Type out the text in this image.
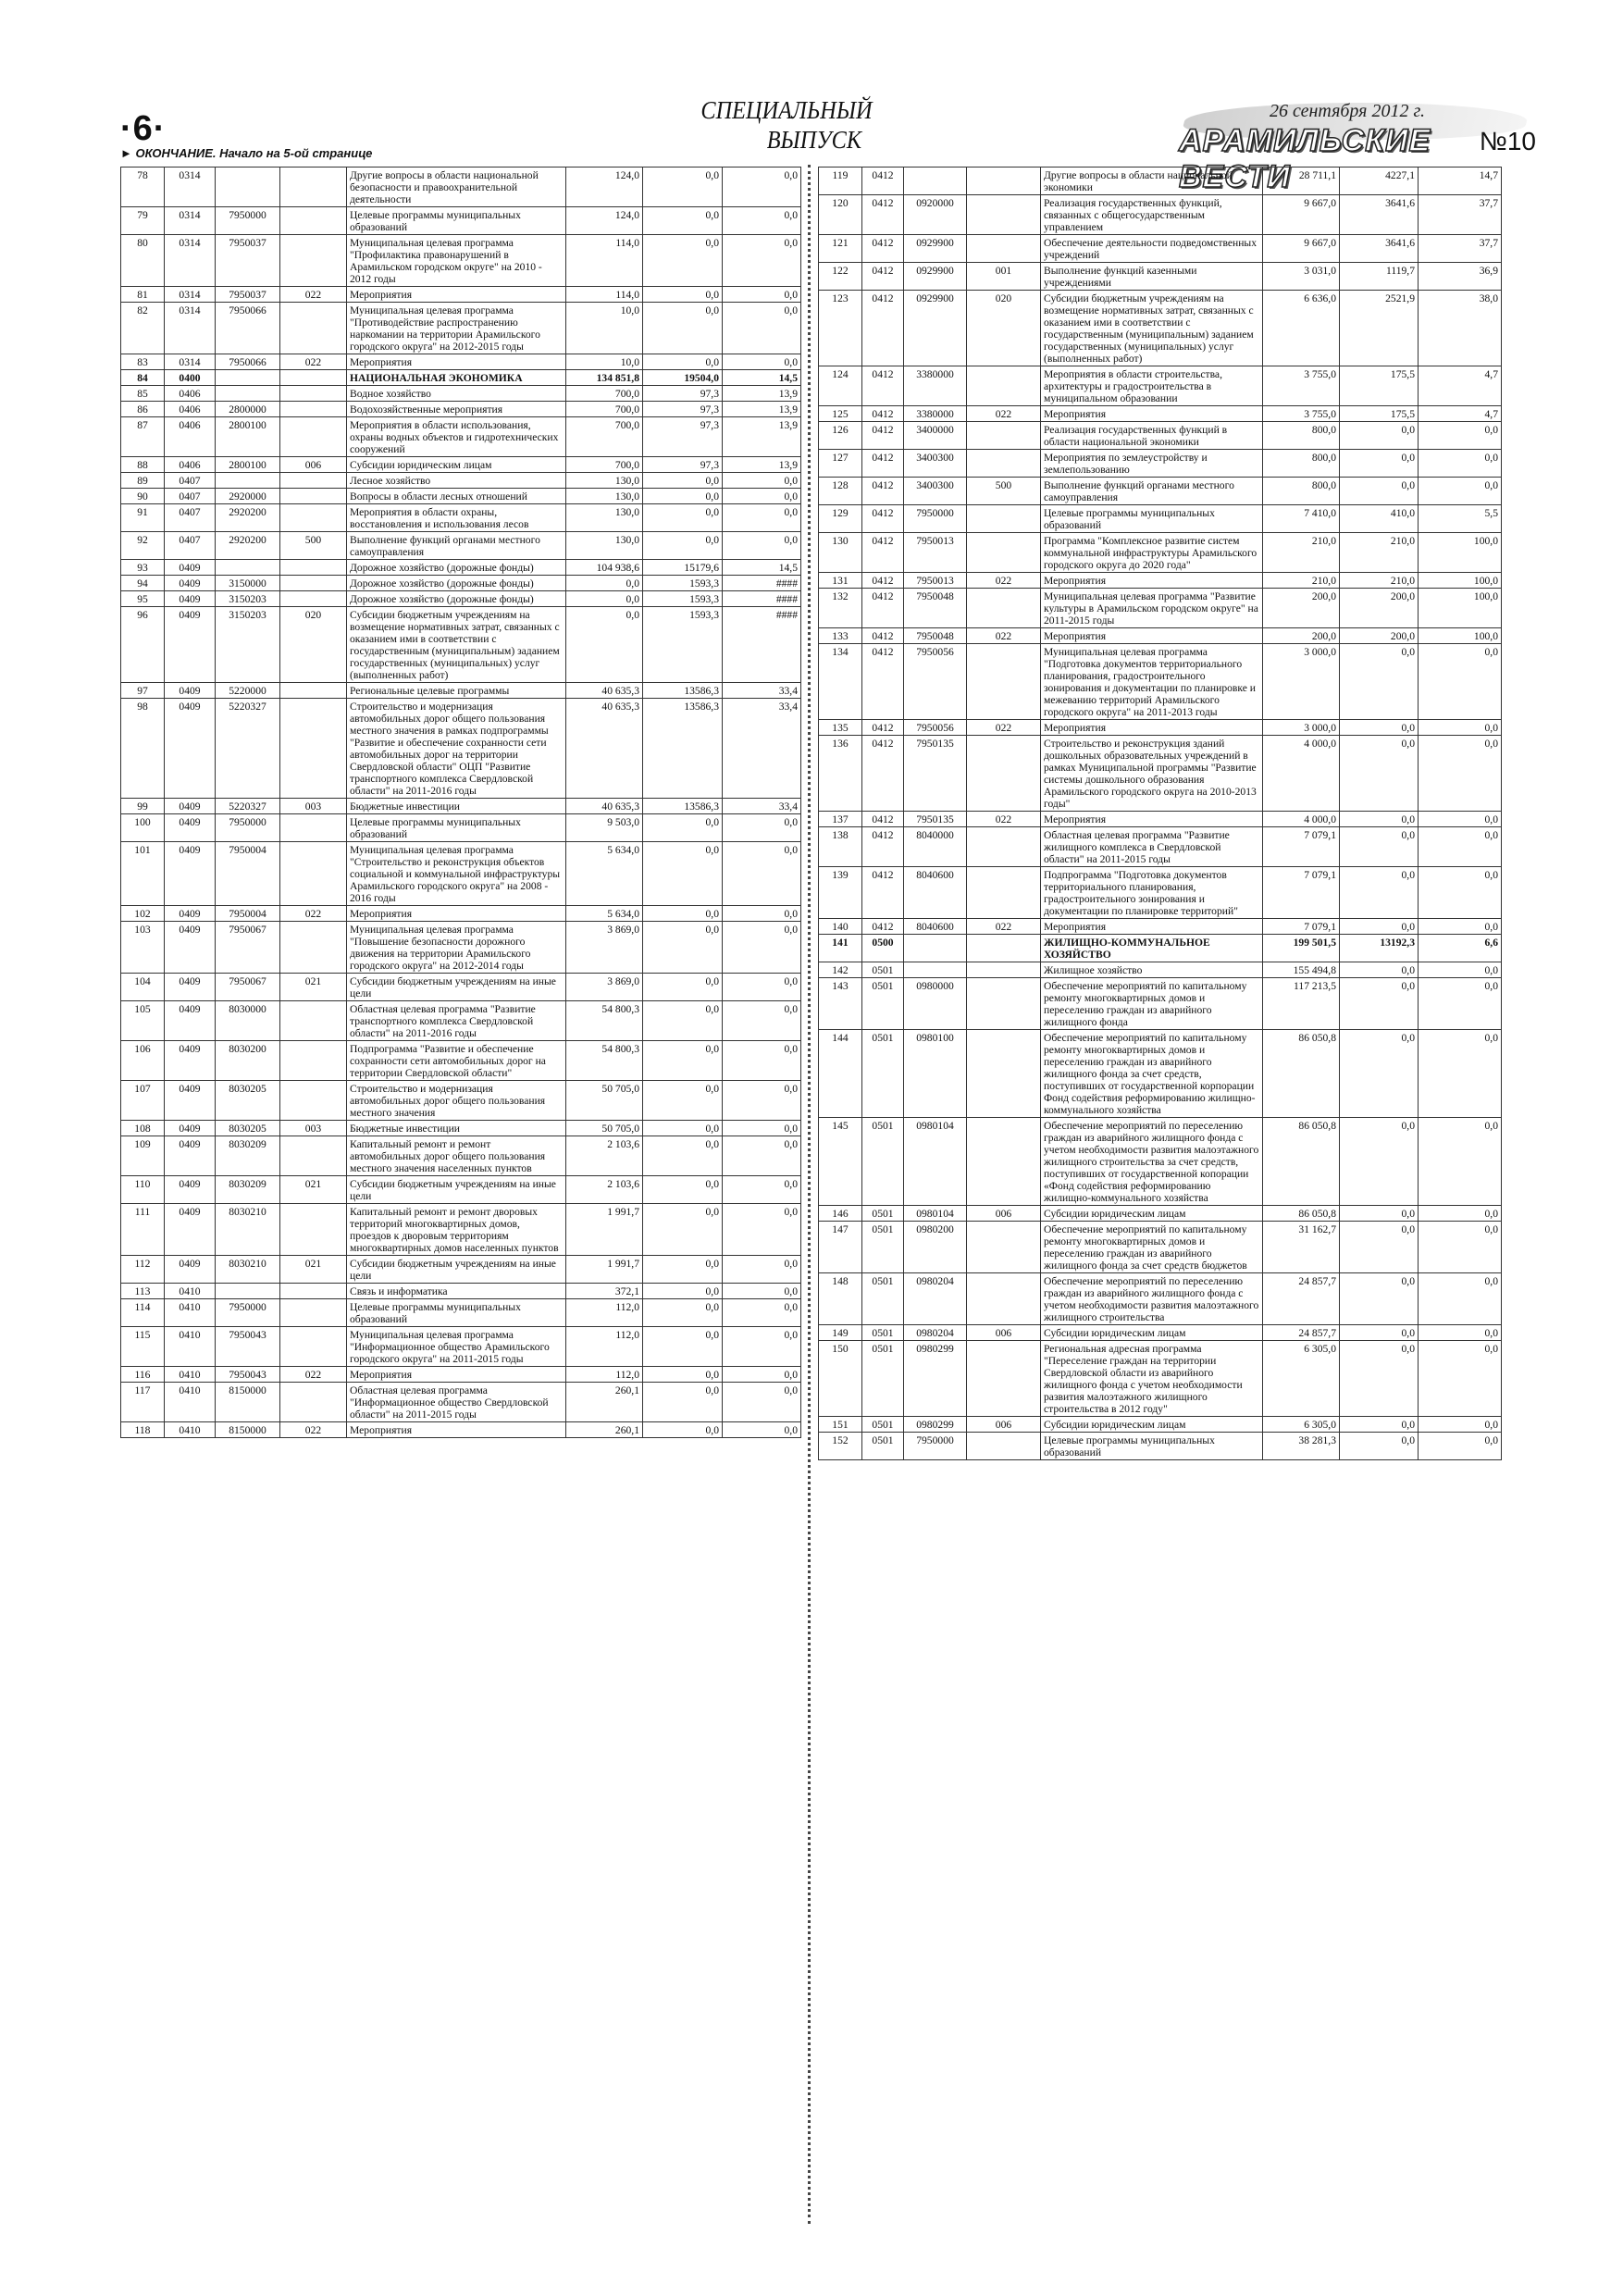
·6·
► ОКОНЧАНИЕ. Начало на 5-ой странице
СПЕЦИАЛЬНЫЙ
ВЫПУСК
26 сентября 2012 г.
АРАМИЛЬСКИЕ ВЕСТИ
№10
78	0314			Другие вопросы в области национальной безопасности и правоохранительной деятельности	124,0	0,0	0,0
79	0314	7950000		Целевые программы муниципальных образований	124,0	0,0	0,0
80	0314	7950037		Муниципальная целевая программа "Профилактика правонарушений в Арамильском городском округе" на 2010 - 2012 годы	114,0	0,0	0,0
81	0314	7950037	022	Мероприятия	114,0	0,0	0,0
82	0314	7950066		Муниципальная целевая программа "Противодействие распространению наркомании на территории Арамильского городского округа" на 2012-2015 годы	10,0	0,0	0,0
83	0314	7950066	022	Мероприятия	10,0	0,0	0,0
84	0400			НАЦИОНАЛЬНАЯ ЭКОНОМИКА	134 851,8	19504,0	14,5
85	0406			Водное хозяйство	700,0	97,3	13,9
86	0406	2800000		Водохозяйственные мероприятия	700,0	97,3	13,9
87	0406	2800100		Мероприятия в области использования, охраны водных объектов и гидротехнических сооружений	700,0	97,3	13,9
88	0406	2800100	006	Субсидии юридическим лицам	700,0	97,3	13,9
89	0407			Лесное хозяйство	130,0	0,0	0,0
90	0407	2920000		Вопросы в области лесных отношений	130,0	0,0	0,0
91	0407	2920200		Мероприятия в области охраны, восстановления и использования лесов	130,0	0,0	0,0
92	0407	2920200	500	Выполнение функций органами местного самоуправления	130,0	0,0	0,0
93	0409			Дорожное хозяйство (дорожные фонды)	104 938,6	15179,6	14,5
94	0409	3150000		Дорожное хозяйство (дорожные фонды)	0,0	1593,3	####
95	0409	3150203		Дорожное хозяйство (дорожные фонды)	0,0	1593,3	####
96	0409	3150203	020	Субсидии бюджетным учреждениям на возмещение нормативных затрат, связанных с оказанием ими в соответствии с государственным (муниципальным) заданием государственных (муниципальных) услуг (выполненных работ)	0,0	1593,3	####
97	0409	5220000		Региональные целевые программы	40 635,3	13586,3	33,4
98	0409	5220327		Строительство и модернизация автомобильных дорог общего пользования местного значения в рамках подпрограммы "Развитие и обеспечение сохранности сети автомобильных дорог на территории Свердловской области" ОЦП "Развитие транспортного комплекса Свердловской области" на 2011-2016 годы	40 635,3	13586,3	33,4
99	0409	5220327	003	Бюджетные инвестиции	40 635,3	13586,3	33,4
100	0409	7950000		Целевые программы муниципальных образований	9 503,0	0,0	0,0
101	0409	7950004		Муниципальная целевая программа "Строительство и реконструкция объектов социальной и коммунальной инфраструктуры Арамильского городского округа" на 2008 - 2016 годы	5 634,0	0,0	0,0
102	0409	7950004	022	Мероприятия	5 634,0	0,0	0,0
103	0409	7950067		Муниципальная целевая программа "Повышение безопасности дорожного движения на территории Арамильского городского округа" на 2012-2014 годы	3 869,0	0,0	0,0
104	0409	7950067	021	Субсидии бюджетным учреждениям на иные цели	3 869,0	0,0	0,0
105	0409	8030000		Областная целевая программа "Развитие транспортного комплекса Свердловской области" на 2011-2016 годы	54 800,3	0,0	0,0
106	0409	8030200		Подпрограмма "Развитие и обеспечение сохранности сети автомобильных дорог на территории Свердловской области"	54 800,3	0,0	0,0
107	0409	8030205		Строительство и модернизация автомобильных дорог общего пользования местного значения	50 705,0	0,0	0,0
108	0409	8030205	003	Бюджетные инвестиции	50 705,0	0,0	0,0
109	0409	8030209		Капитальный ремонт и ремонт автомобильных дорог общего пользования местного значения населенных пунктов	2 103,6	0,0	0,0
110	0409	8030209	021	Субсидии бюджетным учреждениям на иные цели	2 103,6	0,0	0,0
111	0409	8030210		Капитальный ремонт и ремонт дворовых территорий многоквартирных домов, проездов к дворовым территориям многоквартирных домов населенных пунктов	1 991,7	0,0	0,0
112	0409	8030210	021	Субсидии бюджетным учреждениям на иные цели	1 991,7	0,0	0,0
113	0410			Связь и информатика	372,1	0,0	0,0
114	0410	7950000		Целевые программы муниципальных образований	112,0	0,0	0,0
115	0410	7950043		Муниципальная целевая программа "Информационное общество Арамильского городского округа" на 2011-2015 годы	112,0	0,0	0,0
116	0410	7950043	022	Мероприятия	112,0	0,0	0,0
117	0410	8150000		Областная целевая программа "Информационное общество Свердловской области" на 2011-2015 годы	260,1	0,0	0,0
118	0410	8150000	022	Мероприятия	260,1	0,0	0,0
119	0412			Другие вопросы в области национальной экономики	28 711,1	4227,1	14,7
120	0412	0920000		Реализация государственных функций, связанных с общегосударственным управлением	9 667,0	3641,6	37,7
121	0412	0929900		Обеспечение деятельности подведомственных учреждений	9 667,0	3641,6	37,7
122	0412	0929900	001	Выполнение функций казенными учреждениями	3 031,0	1119,7	36,9
123	0412	0929900	020	Субсидии бюджетным учреждениям на возмещение нормативных затрат, связанных с оказанием ими в соответствии с государственным (муниципальным) заданием государственных (муниципальных) услуг (выполненных работ)	6 636,0	2521,9	38,0
124	0412	3380000		Мероприятия в области строительства, архитектуры и градостроительства в муниципальном образовании	3 755,0	175,5	4,7
125	0412	3380000	022	Мероприятия	3 755,0	175,5	4,7
126	0412	3400000		Реализация государственных функций в области национальной экономики	800,0	0,0	0,0
127	0412	3400300		Мероприятия по землеустройству и землепользованию	800,0	0,0	0,0
128	0412	3400300	500	Выполнение функций органами местного самоуправления	800,0	0,0	0,0
129	0412	7950000		Целевые программы муниципальных образований	7 410,0	410,0	5,5
130	0412	7950013		Программа "Комплексное развитие систем коммунальной инфраструктуры Арамильского городского округа до 2020 года"	210,0	210,0	100,0
131	0412	7950013	022	Мероприятия	210,0	210,0	100,0
132	0412	7950048		Муниципальная целевая программа "Развитие культуры в Арамильском городском округе" на 2011-2015 годы	200,0	200,0	100,0
133	0412	7950048	022	Мероприятия	200,0	200,0	100,0
134	0412	7950056		Муниципальная целевая программа "Подготовка документов территориального планирования, градостроительного зонирования и документации по планировке и межеванию территорий Арамильского городского округа" на 2011-2013 годы	3 000,0	0,0	0,0
135	0412	7950056	022	Мероприятия	3 000,0	0,0	0,0
136	0412	7950135		Строительство и реконструкция зданий дошкольных образовательных учреждений в рамках Муниципальной программы "Развитие системы дошкольного образования Арамильского городского округа на 2010-2013 годы"	4 000,0	0,0	0,0
137	0412	7950135	022	Мероприятия	4 000,0	0,0	0,0
138	0412	8040000		Областная целевая программа "Развитие жилищного комплекса в Свердловской области" на 2011-2015 годы	7 079,1	0,0	0,0
139	0412	8040600		Подпрограмма "Подготовка документов территориального планирования, градостроительного зонирования и документации по планировке территорий"	7 079,1	0,0	0,0
140	0412	8040600	022	Мероприятия	7 079,1	0,0	0,0
141	0500			ЖИЛИЩНО-КОММУНАЛЬНОЕ ХОЗЯЙСТВО	199 501,5	13192,3	6,6
142	0501			Жилищное хозяйство	155 494,8	0,0	0,0
143	0501	0980000		Обеспечение мероприятий по капитальному ремонту многоквартирных домов и переселению граждан из аварийного жилищного фонда	117 213,5	0,0	0,0
144	0501	0980100		Обеспечение мероприятий по капитальному ремонту многоквартирных домов и переселению граждан из аварийного жилищного фонда за счет средств, поступивших от государственной корпорации Фонд содействия реформированию жилищно-коммунального хозяйства	86 050,8	0,0	0,0
145	0501	0980104		Обеспечение мероприятий по переселению граждан из аварийного жилищного фонда с учетом необходимости развития малоэтажного жилищного строительства за счет средств, поступивших от государственной копорации «Фонд содействия реформированию жилищно-коммунального хозяйства	86 050,8	0,0	0,0
146	0501	0980104	006	Субсидии юридическим лицам	86 050,8	0,0	0,0
147	0501	0980200		Обеспечение мероприятий по капитальному ремонту многоквартирных домов и переселению граждан из аварийного жилищного фонда за счет средств бюджетов	31 162,7	0,0	0,0
148	0501	0980204		Обеспечение мероприятий по переселению граждан из аварийного жилищного фонда с учетом необходимости развития малоэтажного жилищного строительства	24 857,7	0,0	0,0
149	0501	0980204	006	Субсидии юридическим лицам	24 857,7	0,0	0,0
150	0501	0980299		Региональная адресная программа "Переселение граждан на территории Свердловской области из аварийного жилищного фонда с учетом необходимости развития малоэтажного жилищного строительства в 2012 году"	6 305,0	0,0	0,0
151	0501	0980299	006	Субсидии юридическим лицам	6 305,0	0,0	0,0
152	0501	7950000		Целевые программы муниципальных образований	38 281,3	0,0	0,0
